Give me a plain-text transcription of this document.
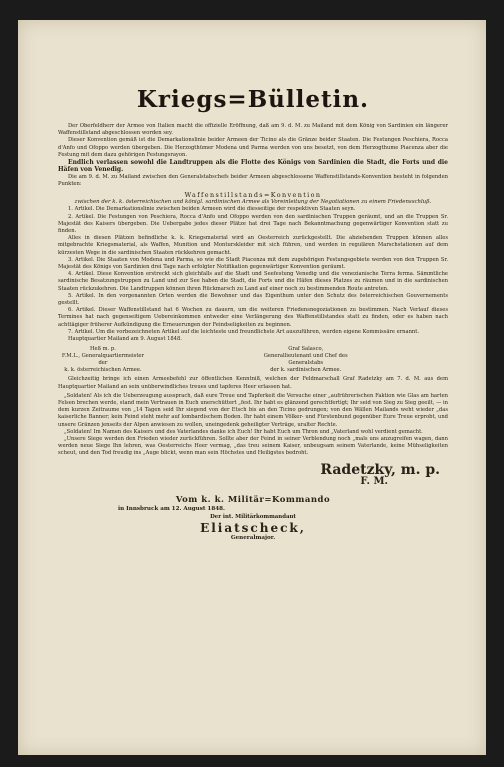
Kriegs=Bülletin.

Der Oberfeldherr der Armee von Italien macht die offizielle Eröffnung, daß am 9. d. M. zu Mailand mit dem König von Sardinien ein längerer Waffenstillstand abgeschlossen worden sey.

Dieser Konvention gemäß ist die Demarkationslinie beider Armeen der Ticino als die Gränze beider Staaten. Die Festungen Peschiera, Rocca d'Anfo und Ofoppo werden übergeben. Die Herzogthümer Modena und Parma werden von uns besetzt, von dem Herzogthume Piacenza aber die Festung mit dem dazu gehörigen Festungsrayon.

Endlich verlassen sowohl die Landtruppen als die Flotte des Königs von Sardinien die Stadt, die Forts und die Häfen von Venedig.

Die am 9. d. M. zu Mailand zwischen den Generalstabschefs beider Armeen abgeschlossene Waffenstillstands-Konvention besteht in folgenden Punkten:

Waffenstillstands=Konvention

zwischen der k. k. österreichischen und königl. sardinischen Armee als Voreinleitung der Negotiationen zu einem Friedensschluß.

1. Artikel. Die Demarkationslinie zwischen beiden Armeen wird die diesseitige der respektiven Staaten seyn.

2. Artikel. Die Festungen von Peschiera, Rocca d'Anfo und Ofoppo werden von den sardinischen Truppen geräumt, und an die Truppen Sr. Majestät des Kaisers übergeben. Die Uebergabe jedes dieser Plätze hat drei Tage nach Bekanntmachung gegenwärtiger Konvention statt zu finden.

Alles in diesen Plätzen befindliche k. k. Kriegsmaterial wird an Oesterreich zurückgestellt. Die abziehenden Truppen können alles mitgebrachte Kriegsmaterial, als Waffen, Munition und Monturskleider mit sich führen, und werden in regulären Marschstationen auf dem kürzesten Wege in die sardinischen Staaten rückkehren gemacht.

3. Artikel. Die Staaten von Modena und Parma, so wie die Stadt Piacenza mit dem zugehörigen Festungsgebiete werden von den Truppen Sr. Majestät des Königs von Sardinien drei Tage nach erfolgter Notifikation gegenwärtiger Konvention geräumt.

4. Artikel. Diese Konvention erstreckt sich gleichfalls auf die Stadt und Seefestung Venedig und die venezianische Terra ferma. Sämmtliche sardinische Besatzungstruppen zu Land und zur See haben die Stadt, die Forts und die Häfen dieses Platzes zu räumen und in die sardinischen Staaten rückzukehren. Die Landtruppen können ihren Rückmarsch zu Land auf einer noch zu bestimmenden Route antreten.

5. Artikel. In den vorgenannten Orten werden die Bewohner und das Eigenthum unter den Schutz des österreichischen Gouvernements gestellt.

6. Artikel. Dieser Waffenstillstand hat 6 Wochen zu dauern, um die weiteren Friedensnegoziationen zu bestimmen. Nach Verlauf dieses Termines hat nach gegenseitigem Uebereinkommen entweder eine Verlängerung des Waffenstillstandes statt zu finden, oder es haben nach achttägiger früherer Aufkündigung die Erneuerungen der Feindseligkeiten zu beginnen.

7. Artikel. Um die vorbezeichneten Artikel auf die leichteste und freundlichste Art auszuführen, werden eigene Kommissäre ernannt.

Hauptquartier Mailand am 9. August 1848.

Heß m. p.
F.M.L., Generalquartiermeister der
k. k. österreichischen Armee.
Graf Salasco,
Generallieutenant und Chef des Generalstabs
der k. sardinischen Armee.

Gleichzeitig bringe ich einen Armeebefehl zur öffentlichen Kenntniß, welchen der Feldmarschall Graf Radetzky am 7. d. M. aus dem Hauptquartier Mailand an sein unüberwindliches treues und tapferes Heer erlassen hat.

„Soldaten! Als ich die Ueberzeugung aussprach, daß eure Treue und Tapferkeit die Versuche einer „aufrührerischen Faktion wie Glas am harten Felsen brechen werde, stand mein Vertrauen in Euch unerschüttert „fest. Ihr habt es glänzend gerechtfertigt; Ihr seid von Sieg zu Sieg geeilt, — in dem kurzen Zeitraume von „14 Tagen seid Ihr siegend von der Etsch bis an den Ticino gedrungen; von den Wällen Mailands weht wieder „das kaiserliche Banner; kein Feind steht mehr auf lombardischem Boden. Ihr habt einem Völker- und Fürstenbund gegenüber Eure Treue erprobt, und unsere Gränzen jenseits der Alpen anwiesen zu wollen, uneingedenk geheiligter Verträge, uralter Rechte.

„Soldaten! Im Namen des Kaisers und des Vaterlandes danke ich Euch! Ihr habt Euch um Thron und „Vaterland wohl verdient gemacht.

„Unsere Siege werden den Frieden wieder zurückführen. Sollte aber der Feind in seiner Verblendung noch „mals uns anzugreifen wagen, dann werden neue Siege Ihn lehren, was Oesterreichs Heer vermag, „das treu seinem Kaiser, unbeugsam seinem Vaterlande, keine Mühseligkeiten scheut, und den Tod freudig ins „Auge blickt, wenn man sein Höchstes und Heiligstes bedroht.

Radetzky, m. p.
F. M.
Vom k. k. Militär=Kommando
in Innsbruck am 12. August 1848.
Der int. Militärkommandant
Eliatscheck,
Generalmajor.
